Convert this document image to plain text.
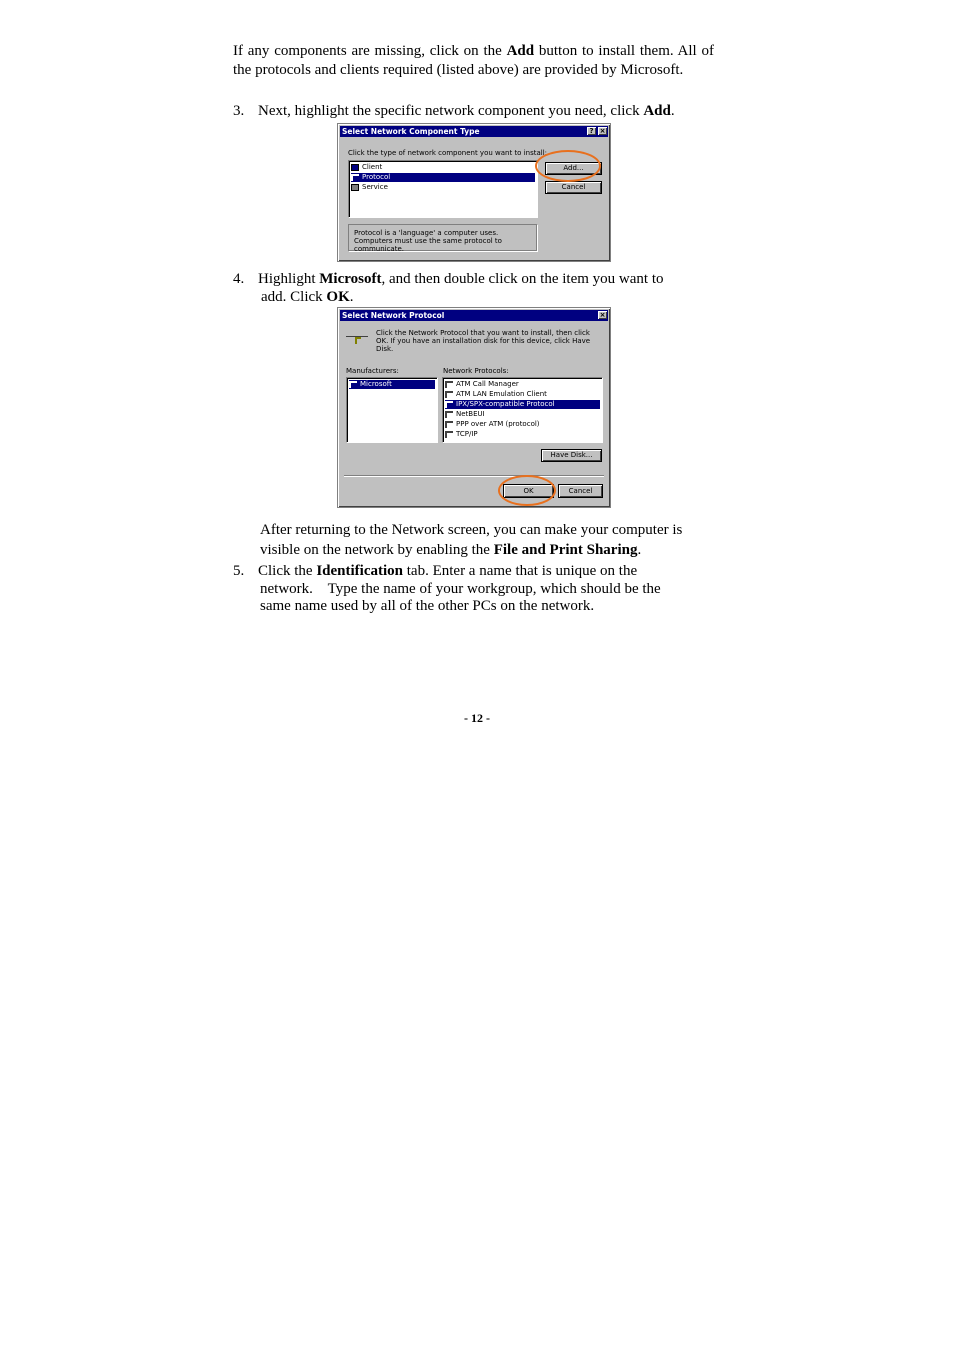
If any components are missing, click on the Add button to install them. All of the protocols and clients required (listed above) are provided by Microsoft.
3. Next, highlight the specific network component you need, click Add.
Select Network Component Type	? ×
Click the type of network component you want to install:
Client
Protocol
Service
Add...
Cancel
Protocol is a 'language' a computer uses. Computers must use the same protocol to communicate.
4. Highlight Microsoft, and then double click on the item you want to
add. Click OK.
Select Network Protocol	×
Click the Network Protocol that you want to install, then click OK. If you have an installation disk for this device, click Have Disk.
Manufacturers:
Microsoft
Network Protocols:
ATM Call Manager
ATM LAN Emulation Client
IPX/SPX-compatible Protocol
NetBEUI
PPP over ATM (protocol)
TCP/IP
Have Disk...
OK	Cancel
After returning to the Network screen, you can make your computer is
visible on the network by enabling the File and Print Sharing.
5. Click the Identification tab. Enter a name that is unique on the
network.    Type the name of your workgroup, which should be the
same name used by all of the other PCs on the network.
- 12 -
